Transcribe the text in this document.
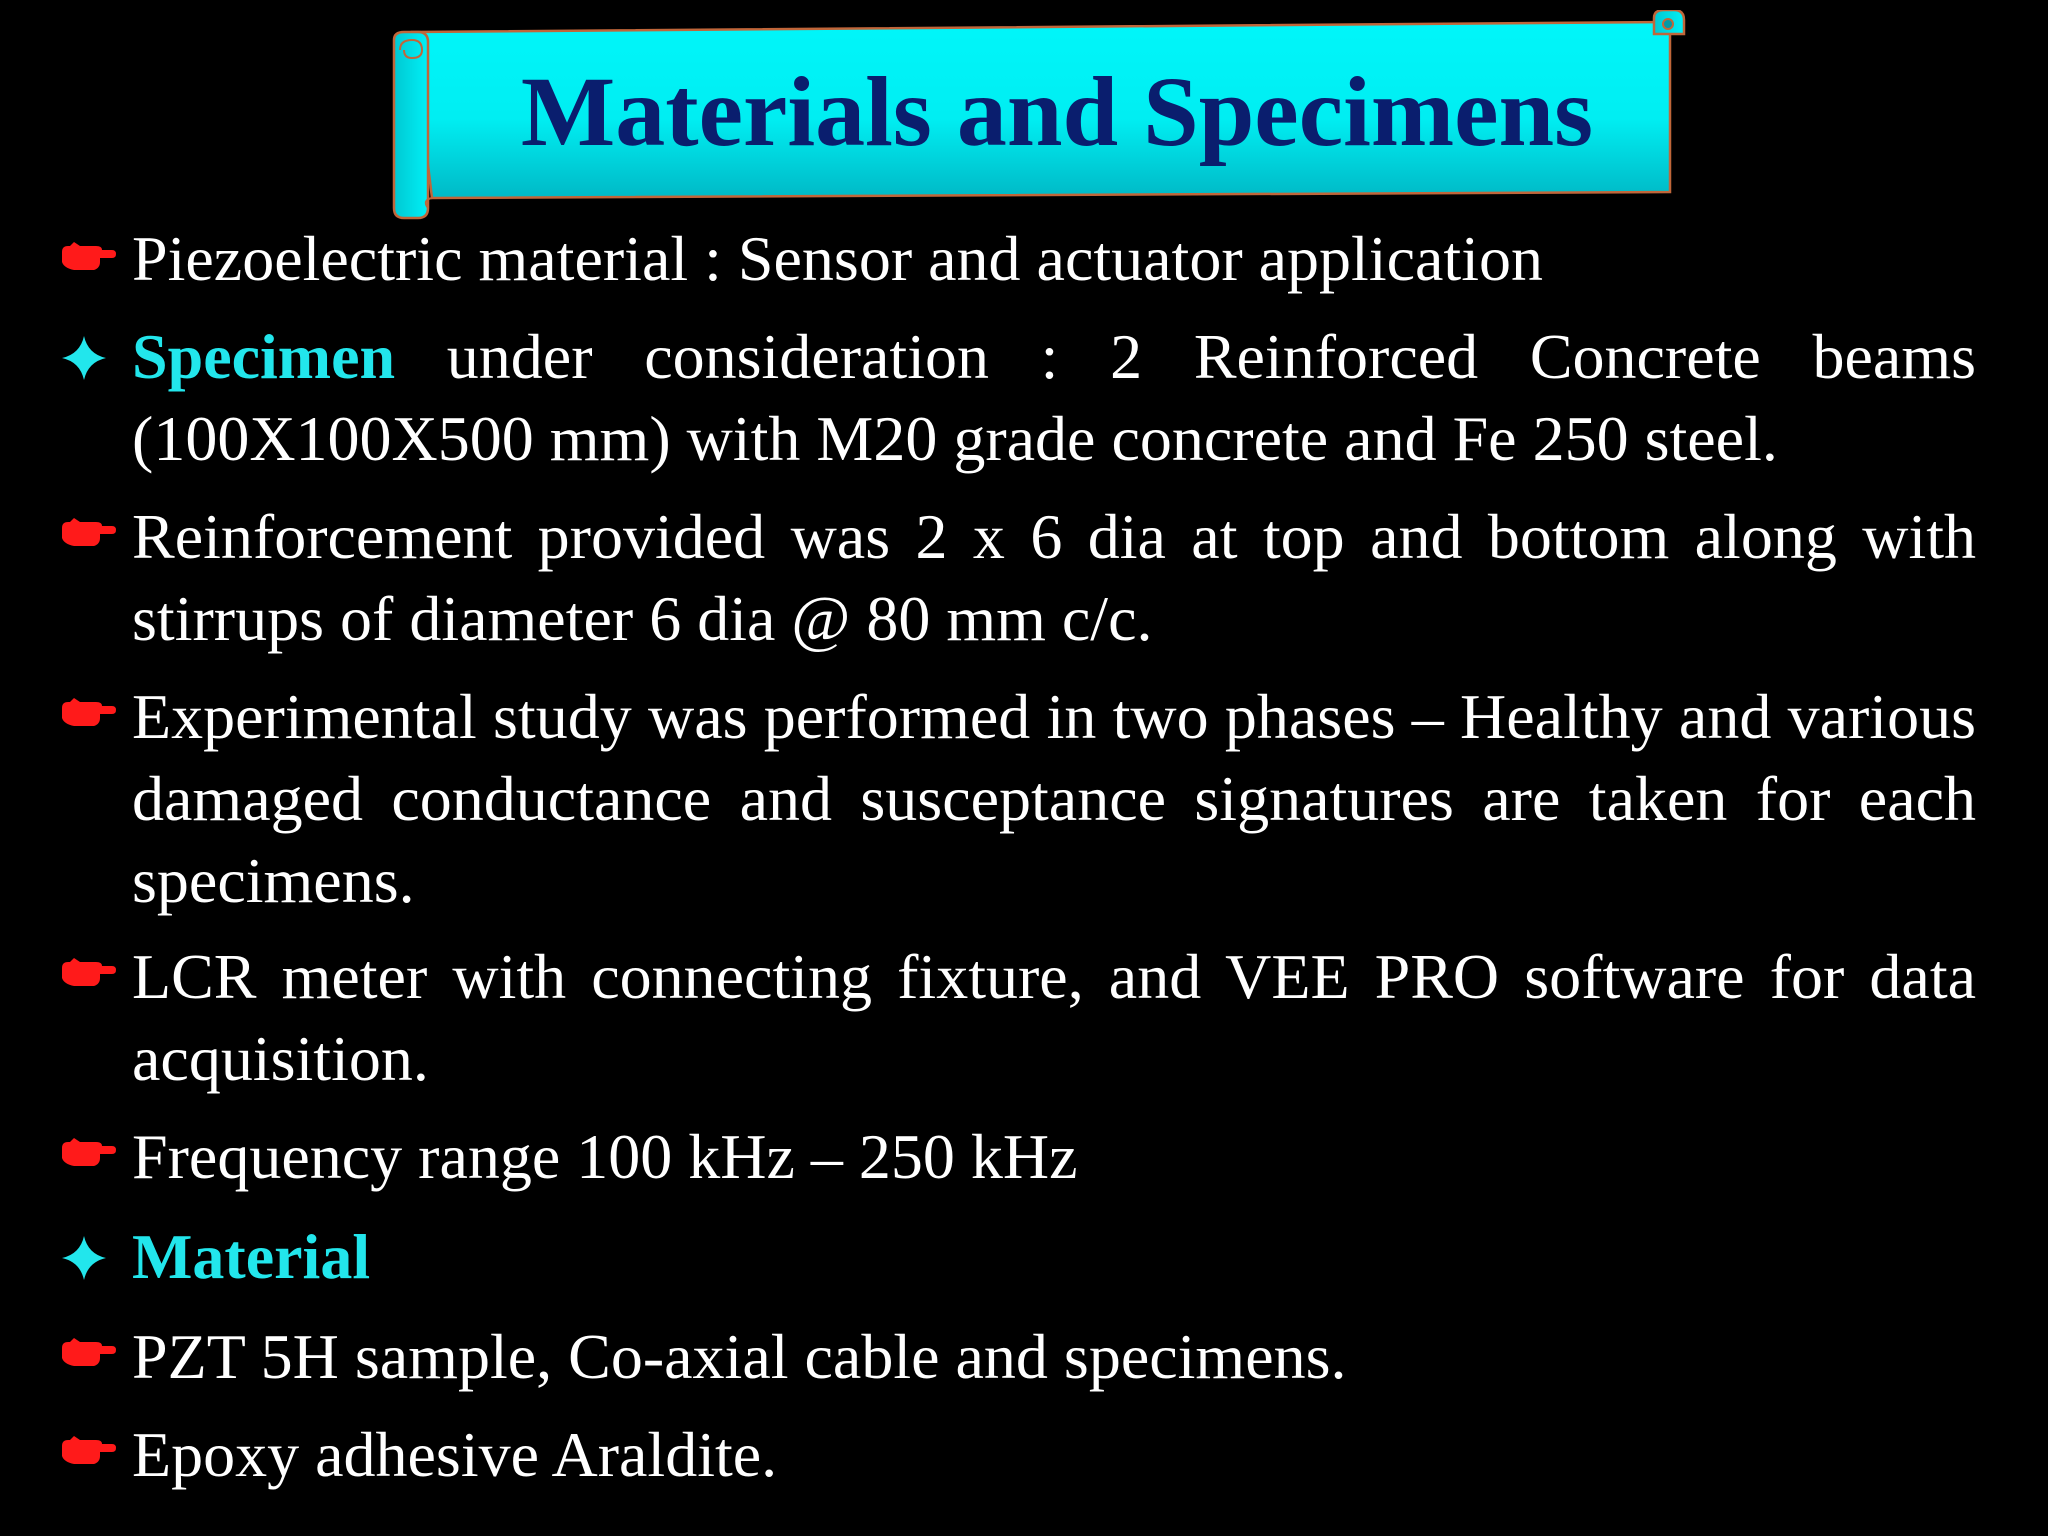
Materials and Specimens
Piezoelectric material : Sensor and actuator application
Specimen under consideration : 2 Reinforced Concrete beams (100X100X500 mm) with M20 grade concrete and Fe 250 steel.
Reinforcement provided was 2 x 6 dia at top and bottom along with stirrups of diameter 6 dia @ 80 mm c/c.
Experimental study was performed in two phases – Healthy and various damaged conductance and susceptance signatures are taken for each specimens.
LCR meter with connecting fixture, and VEE PRO software for data acquisition.
Frequency range 100 kHz – 250 kHz
Material
PZT 5H sample, Co-axial cable and specimens.
Epoxy adhesive Araldite.
